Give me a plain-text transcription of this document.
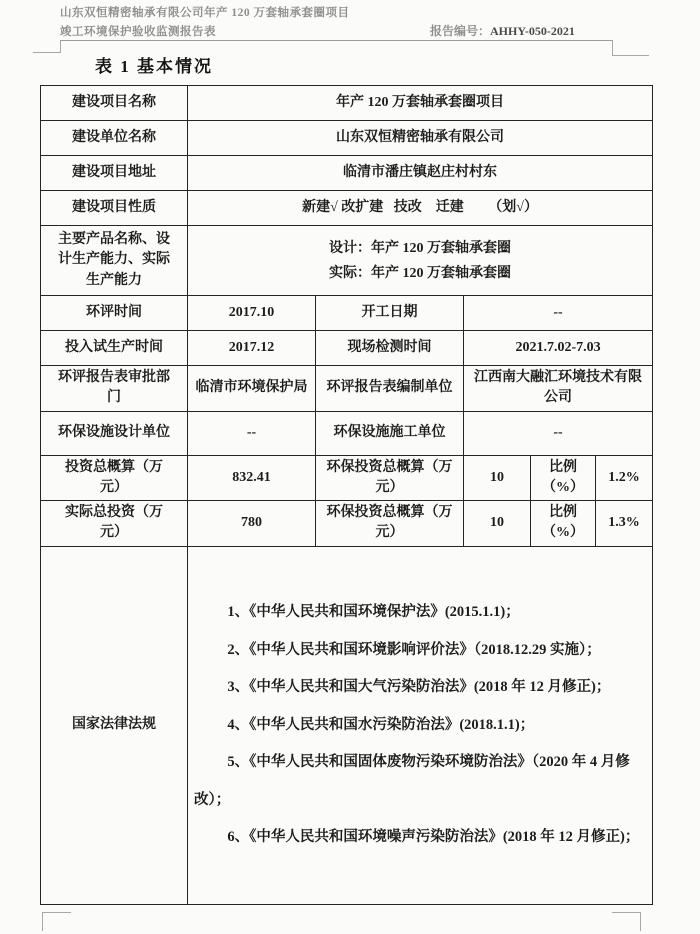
山东双恒精密轴承有限公司年产 120 万套轴承套圈项目
竣工环境保护验收监测报告表	报告编号：AHHY-050-2021
表 1 基本情况
建设项目名称	年产 120 万套轴承套圈项目				
建设单位名称	山东双恒精密轴承有限公司				
建设项目地址	临清市潘庄镇赵庄村村东				
建设项目性质	新建√ 改扩建   技改    迁建       （划√）				
主要产品名称、设计生产能力、实际生产能力	设计：年产 120 万套轴承套圈
实际：年产 120 万套轴承套圈				
环评时间	2017.10	开工日期	--		
投入试生产时间	2017.12	现场检测时间	2021.7.02-7.03		
环评报告表审批部门	临清市环境保护局	环评报告表编制单位	江西南大融汇环境技术有限公司		
环保设施设计单位	--	环保设施施工单位	--		
投资总概算（万元）	832.41	环保投资总概算（万元）	10	比例（%）	1.2%
实际总投资（万元）	780	环保投资总概算（万元）	10	比例（%）	1.3%
国家法律法规	

1、《中华人民共和国环境保护法》(2015.1.1)；

2、《中华人民共和国环境影响评价法》（2018.12.29 实施）；

3、《中华人民共和国大气污染防治法》(2018 年 12 月修正)；

4、《中华人民共和国水污染防治法》(2018.1.1)；

5、《中华人民共和国固体废物污染环境防治法》（2020 年 4 月修改）；

6、《中华人民共和国环境噪声污染防治法》(2018 年 12 月修正)；
